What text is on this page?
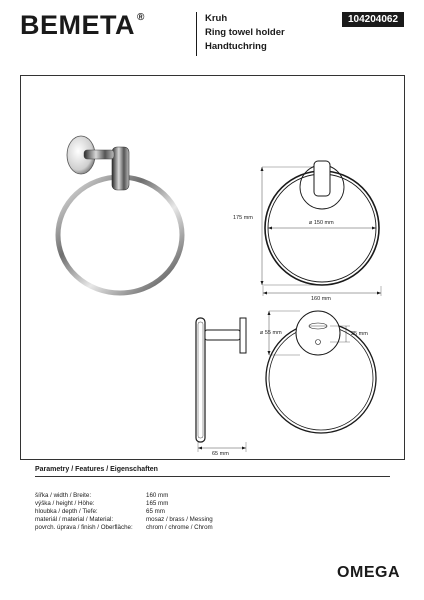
BEMETA ®	Kruh
Ring towel holder
Handtuchring
104204062
175 mm
⌀ 150 mm
160 mm
⌀ 55 mm	25 mm
65 mm
Parametry / Features / Eigenschaften
šířka / width / Breite:	160 mm
výška / height / Höhe:	165 mm
hloubka / depth / Tiefe:	65 mm
materiál / material / Material:	mosaz / brass / Messing
povrch. úprava / finish / Oberfläche: chrom / chrome / Chrom
OMEGA
